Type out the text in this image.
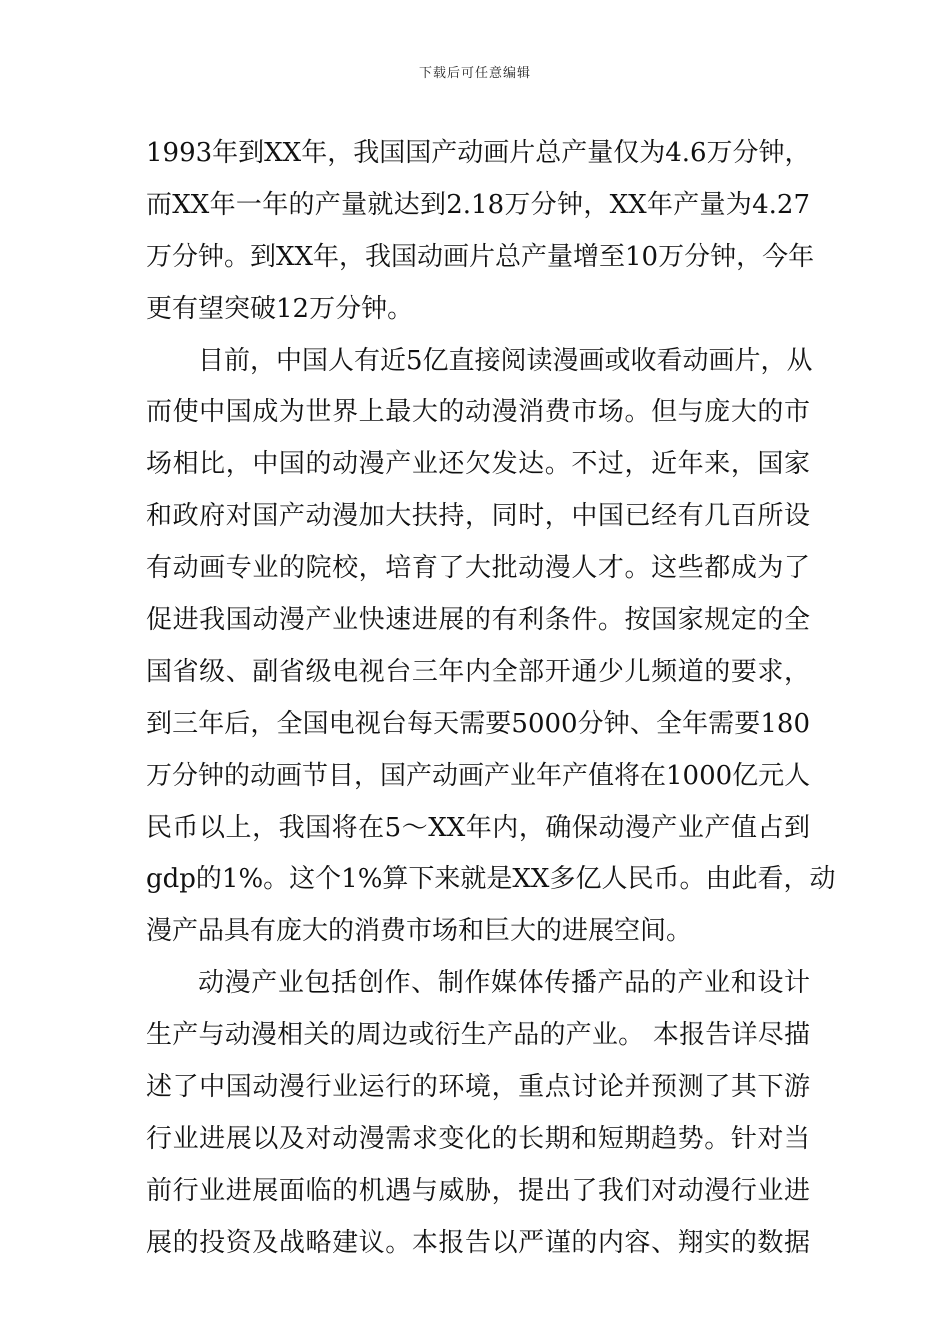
下载后可任意编辑
1993年到XX年，我国国产动画片总产量仅为4.6万分钟，
而XX年一年的产量就达到2.18万分钟，XX年产量为4.27
万分钟。到XX年，我国动画片总产量增至10万分钟，今年
更有望突破12万分钟。
目前，中国人有近5亿直接阅读漫画或收看动画片，从
而使中国成为世界上最大的动漫消费市场。但与庞大的市
场相比，中国的动漫产业还欠发达。不过，近年来，国家
和政府对国产动漫加大扶持，同时，中国已经有几百所设
有动画专业的院校，培育了大批动漫人才。这些都成为了
促进我国动漫产业快速进展的有利条件。按国家规定的全
国省级、副省级电视台三年内全部开通少儿频道的要求，
到三年后，全国电视台每天需要5000分钟、全年需要180
万分钟的动画节目，国产动画产业年产值将在1000亿元人
民币以上，我国将在5～XX年内，确保动漫产业产值占到
gdp的1%。这个1%算下来就是XX多亿人民币。由此看，动
漫产品具有庞大的消费市场和巨大的进展空间。
动漫产业包括创作、制作媒体传播产品的产业和设计
生产与动漫相关的周边或衍生产品的产业。 本报告详尽描
述了中国动漫行业运行的环境，重点讨论并预测了其下游
行业进展以及对动漫需求变化的长期和短期趋势。针对当
前行业进展面临的机遇与威胁，提出了我们对动漫行业进
展的投资及战略建议。本报告以严谨的内容、翔实的数据
